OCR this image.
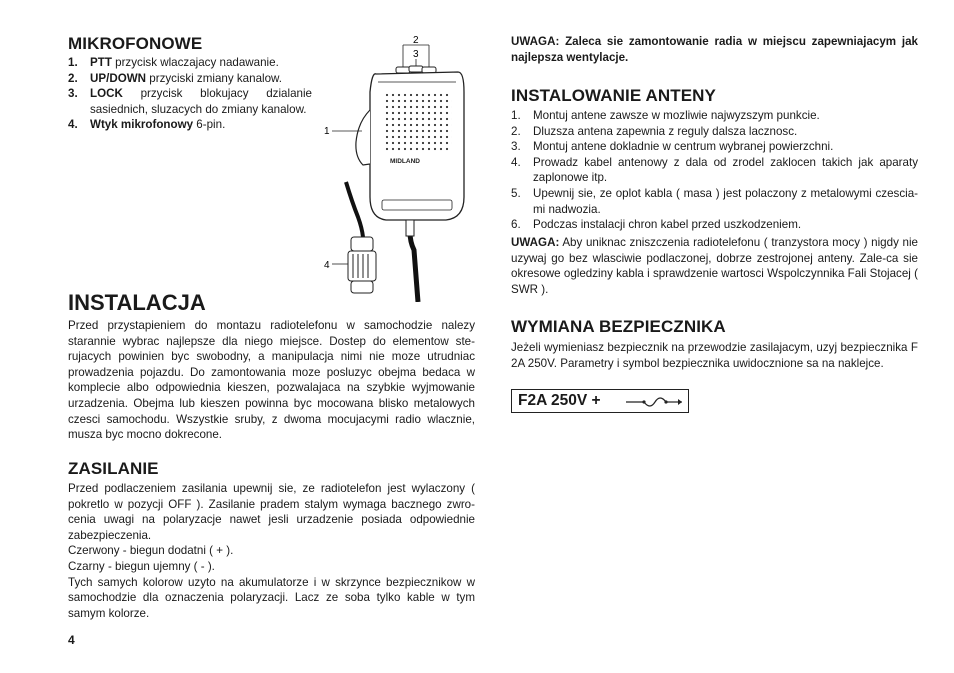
MIKROFONOWE
1. PTT przycisk wlaczajacy nadawanie.
2. UP/DOWN przyciski zmiany kanalow.
3. LOCK przycisk blokujacy dzialanie sasiednich, sluzacych do zmiany kanalow.
4. Wtyk mikrofonowy 6-pin.
2
3
1
MIDLAND
4
INSTALACJA

Przed przystapieniem do montazu radiotelefonu w samochodzie nalezy starannie wybrac najlepsze dla niego miejsce. Dostep do elementow ste-rujacych powinien byc swobodny, a manipulacja nimi nie moze utrudniac prowadzenia pojazdu. Do zamontowania moze posluzyc obejma bedaca w komplecie albo odpowiednia kieszen, pozwalajaca na szybkie wyjmowanie urzadzenia. Obejma lub kieszen powinna byc mocowana blisko metalowych czesci samochodu. Wszystkie sruby, z dwoma mocujacymi radio wlacznie, musza byc mocno dokrecone.

ZASILANIE

Przed podlaczeniem zasilania upewnij sie, ze radiotelefon jest wylaczony ( pokretlo w pozycji OFF ). Zasilanie pradem stalym wymaga bacznego zwro-cenia uwagi na polaryzacje nawet jesli urzadzenie posiada odpowiednie zabezpieczenia.

Czerwony - biegun dodatni ( + ).

Czarny - biegun ujemny ( - ).

Tych samych kolorow uzyto na akumulatorze i w skrzynce bezpiecznikow w samochodzie dla oznaczenia polaryzacji. Lacz ze soba tylko kable w tym samym kolorze.

4

UWAGA: Zaleca sie zamontowanie radia w miejscu zapewniajacym jak najlepsza wentylacje.

INSTALOWANIE ANTENY
1. Montuj antene zawsze w mozliwie najwyzszym punkcie.
2. Dluzsza antena zapewnia z reguly dalsza lacznosc.
3. Montuj antene dokladnie w centrum wybranej powierzchni.
4. Prowadz kabel antenowy z dala od zrodel zaklocen takich jak aparaty zaplonowe itp.
5. Upewnij sie, ze oplot kabla ( masa ) jest polaczony z metalowymi czescia-mi nadwozia.
6. Podczas instalacji chron kabel przed uszkodzeniem.

UWAGA: Aby uniknac zniszczenia radiotelefonu ( tranzystora mocy ) nigdy nie uzywaj go bez wlasciwie podlaczonej, dobrze zestrojonej anteny. Zale-ca sie okresowe ogledziny kabla i sprawdzenie wartosci Wspolczynnika Fali Stojacej ( SWR ).

WYMIANA BEZPIECZNIKA

Jeżeli wymieniasz bezpiecznik na przewodzie zasilajacym, uzyj bezpiecznika F 2A 250V. Parametry i symbol bezpiecznika uwidocznione sa na naklejce.

F2A 250V +
